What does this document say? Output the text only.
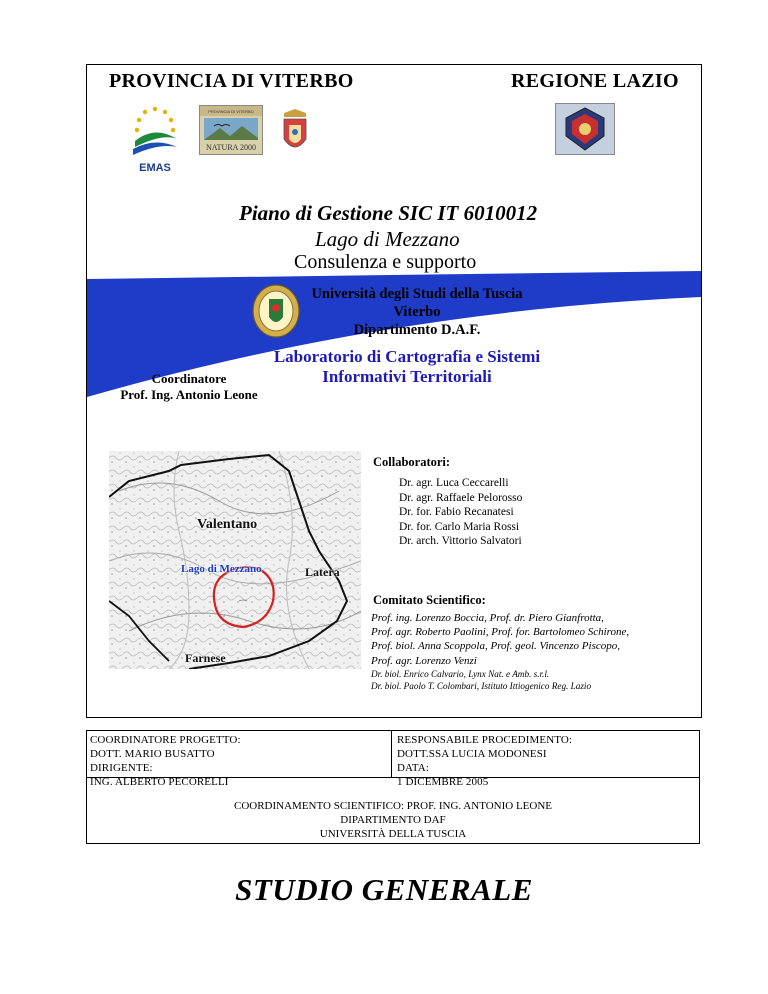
PROVINCIA DI VITERBO	REGIONE LAZIO
EMAS
PROVINCIA DI VITERBO
NATURA 2000
Piano di Gestione SIC IT 6010012
Lago di Mezzano
Consulenza e supporto
Università degli Studi della Tuscia
Viterbo
Dipartimento D.A.F.
Laboratorio di Cartografia e Sistemi
Informativi Territoriali
Coordinatore
Prof. Ing. Antonio Leone
Valentano
Lago di Mezzano	Latera
Farnese
Collaboratori:
Dr. agr. Luca Ceccarelli
Dr. agr. Raffaele Pelorosso
Dr. for. Fabio Recanatesi
Dr. for. Carlo Maria Rossi
Dr. arch. Vittorio Salvatori
Comitato Scientifico:
Prof. ing. Lorenzo Boccia, Prof. dr. Piero Gianfrotta,
Prof. agr. Roberto Paolini, Prof. for. Bartolomeo Schirone,
Prof. biol. Anna Scoppola, Prof. geol. Vincenzo Piscopo,
Prof. agr. Lorenzo Venzi
Dr. biol. Enrico Calvario, Lynx Nat. e Amb. s.r.l.
Dr. biol. Paolo T. Colombari, Istituto Ittiogenico Reg. Lazio
COORDINATORE PROGETTO:
DOTT. MARIO BUSATTO
DIRIGENTE:
ING. ALBERTO PECORELLI
RESPONSABILE PROCEDIMENTO:
DOTT.SSA LUCIA MODONESI
DATA:
1 DICEMBRE 2005
COORDINAMENTO SCIENTIFICO: PROF. ING. ANTONIO LEONE
DIPARTIMENTO DAF
UNIVERSITÀ DELLA TUSCIA
STUDIO GENERALE
